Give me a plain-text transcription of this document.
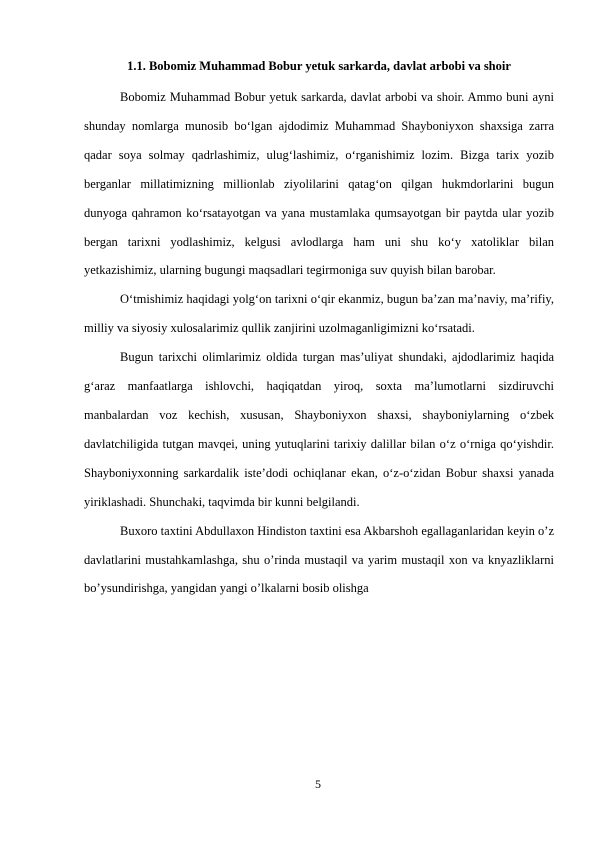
1.1. Bobomiz Muhammad Bobur yetuk sarkarda, davlat arbobi va shoir

Bobomiz Muhammad Bobur yetuk sarkarda, davlat arbobi va shoir. Ammo buni ayni shunday nomlarga munosib bo‘lgan ajdodimiz Muhammad Shayboniyxon shaxsiga zarra qadar soya solmay qadrlashimiz, ulug‘lashimiz, o‘rganishimiz lozim. Bizga tarix yozib berganlar millatimizning millionlab ziyolilarini qatag‘on qilgan hukmdorlarini bugun dunyoga qahramon ko‘rsatayotgan va yana mustamlaka qumsayotgan bir paytda ular yozib bergan tarixni yodlashimiz, kelgusi avlodlarga ham uni shu ko‘y xatoliklar bilan yetkazishimiz, ularning bugungi maqsadlari tegirmoniga suv quyish bilan barobar.

O‘tmishimiz haqidagi yolg‘on tarixni o‘qir ekanmiz, bugun ba’zan ma’naviy, ma’rifiy, milliy va siyosiy xulosalarimiz qullik zanjirini uzolmaganligimizni ko‘rsatadi.

Bugun tarixchi olimlarimiz oldida turgan mas’uliyat shundaki, ajdodlarimiz haqida g‘araz manfaatlarga ishlovchi, haqiqatdan yiroq, soxta ma’lumotlarni sizdiruvchi manbalardan voz kechish, xususan, Shayboniyxon shaxsi, shayboniylarning o‘zbek davlatchiligida tutgan mavqei, uning yutuqlarini tarixiy dalillar bilan o‘z o‘rniga qo‘yishdir. Shayboniyxonning sarkardalik iste’dodi ochiqlanar ekan, o‘z-o‘zidan Bobur shaxsi yanada yiriklashadi. Shunchaki, taqvimda bir kunni belgilandi.

Buxoro taxtini Abdullaxon Hindiston taxtini esa Akbarshoh egallaganlaridan keyin o’z davlatlarini mustahkamlashga, shu o’rinda mustaqil va yarim mustaqil xon va knyazliklarni bo’ysundirishga, yangidan yangi o’lkalarni bosib olishga

5
